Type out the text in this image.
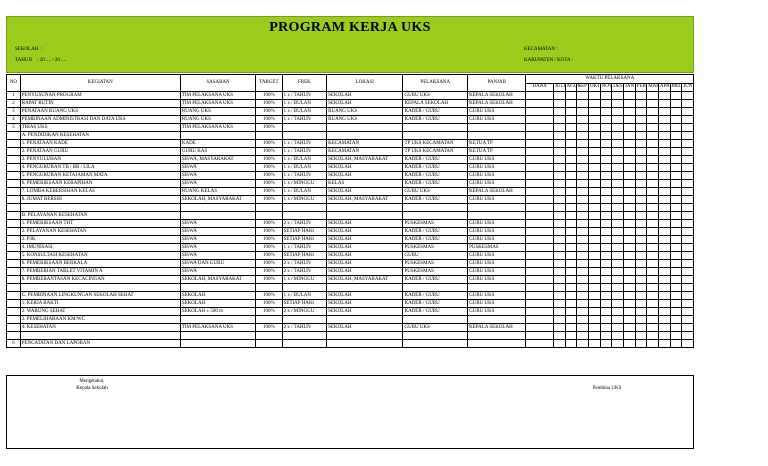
PROGRAM KERJA UKS
SEKOLAH  :
TAHUN    : 20 .... / 20 ....
KECAMATAN :
KABUPATEN / KOTA :
NO	KEGIATAN	SASARAN	TARGET	FREK	LOKASI	PELAKSANA	PANJAB	WAKTU PELAKSANA												
								DANA	JULI	AGUS	SEPT	OKT	NOV	DES	JAN	FEB	MAR	APR	MEI	JUN
1	PENYUSUNAN PROGRAM	TIM PELAKSANA UKS	100%	1 x / TAHUN	SEKOLAH	GURU UKS	KEPALA SEKOLAH													
2	RAPAT RUTIN	TIM PELAKSANA UKS	100%	1 x / BULAN	SEKOLAH	KEPALA SEKOLAH	KEPALA SEKOLAH													
3	PENATAAN RUANG UKS	RUANG UKS	100%	1 x / BULAN	RUANG UKS	KADER / GURU	GURU UKS													
4	PEMBINAAN ADMINISTRASI DAN DATA UKS	RUANG UKS	100%	1 x / TAHUN	RUANG UKS	KADER / GURU	GURU UKS													
5	TRIAS UKS	TIM PELAKSANA UKS	100%																	
	A. PENDIDIKAN KESEHATAN																			
	1. PENATAAN KADE	KADE	100%	1 x / TAHUN	KECAMATAN	TP UKS KECAMATAN	KETUA TP													
	2. PENATAAN GURU	GURU KAS	100%	1 x / TAHUN	KECAMATAN	TP UKS KECAMATAN	KETUA TP													
	3. PENYULUHAN	SISWA, MASYARAKAT	100%	1 x / BULAN	SEKOLAH, MASYARAKAT	KADER / GURU	GURU UKS													
	4. PENGUKURAN TB / BB / LILA	SISWA	100%	1 x / BULAN	SEKOLAH	KADER / GURU	GURU UKS													
	5. PENGUKURAN KETAJAMAN MATA	SISWA	100%	1 x / TAHUN	SEKOLAH	KADER / GURU	GURU UKS													
	6. PEMERIKSAAN KERAPIHAN	SISWA	100%	1 x / MINGGU	KELAS	KADER / GURU	GURU UKS													
	7. LOMBA KEBERSIHAN KELAS	RUANG KELAS	100%	1 x / BULAN	SEKOLAH	GURU UKS	KEPALA SEKOLAH													
	8. JUMAT BERSIH	SEKOLAH, MASYARAKAT	100%	1 x / MINGGU	SEKOLAH, MASYARAKAT	KADER / GURU	GURU UKS													

	B. PELAYANAN KESEHATAN																			
	1. PEMERIKSAAN THT	SISWA	100%	2 x / TAHUN	SEKOLAH	PUSKESMAS	GURU UKS													
	2. PELAYANAN KESEHATAN	SISWA	100%	SETIAP HARI	SEKOLAH	KADER / GURU	GURU UKS													
	3. P3K	SISWA	100%	SETIAP HARI	SEKOLAH	KADER / GURU	GURU UKS													
	4. IMUNISASI	SISWA	100%	1 x / TAHUN	SEKOLAH	PUSKESMAS	PUSKESMAS													
	5. KONSULTASI KESEHATAN	SISWA	100%	SETIAP HARI	SEKOLAH	GURU	GURU UKS													
	6. PEMERIKSAAN BERKALA	SISWA DAN GURU	100%	2 x / TAHUN	SEKOLAH	PUSKESMAS	GURU UKS													
	7. PEMBERIAN TABLET VITAMIN A	SISWA	100%	2 x / TAHUN	SEKOLAH	PUSKESMAS	GURU UKS													
	8. PEMBERANTASAN KECACINGAN	SEKOLAH, MASYARAKAT	100%	1 x / MINGGU	SEKOLAH, MASYARAKAT	KADER / GURU	GURU UKS													

	C. PEMBINAAN LINGKUNGAN SEKOLAH SEHAT	SEKOLAH	100%	1 x / BULAN	SEKOLAH	KADER / GURU	GURU UKS													
	1. KERJA BAKTI	SEKOLAH	100%	SETIAP HARI	SEKOLAH	KADER / GURU	GURU UKS													
	2. WARUNG SEHAT	SEKOLAH ± 500 m	100%	2 x / MINGGU	SEKOLAH	KADER / GURU	GURU UKS													
	3. PEMELIHARAAN KM/WC																			
	4. KESEHATAN	TIM PELAKSANA UKS	100%	2 x / TAHUN	SEKOLAH	GURU UKS	KEPALA SEKOLAH													

6	PENCATATAN DAN LAPORAN																			
Mengetahui,
Kepala Sekolah	Pembina UKS
